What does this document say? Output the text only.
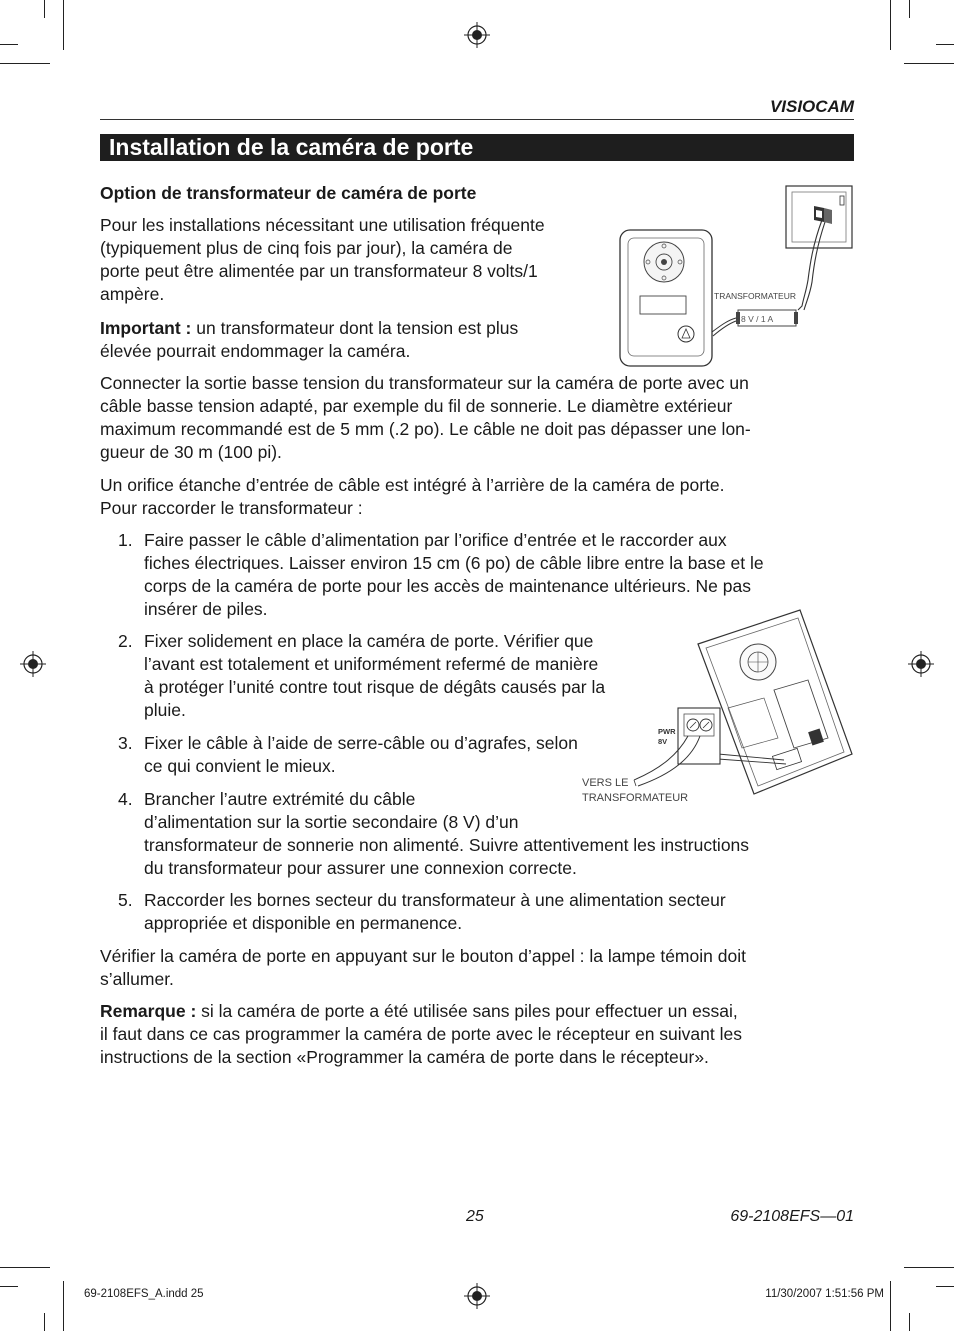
VISIOCAM
Installation de la caméra de porte
Option de transformateur de caméra de porte

Pour les installations nécessitant une utilisation fréquente

(typiquement plus de cinq fois par jour), la caméra de

porte peut être alimentée par un transformateur 8 volts/1

ampère.

Important : un transformateur dont la tension est plus

élevée pourrait endommager la caméra.

8 V / 1 A
TRANSFORMATEUR

Connecter la sortie basse tension du transformateur sur la caméra de porte avec un

câble basse tension adapté, par exemple du fil de sonnerie. Le diamètre extérieur

maximum recommandé est de 5 mm (.2 po). Le câble ne doit pas dépasser une lon-

gueur de 30 m (100 pi).

Un orifice étanche d’entrée de câble est intégré à l’arrière de la caméra de porte.

Pour raccorder le transformateur :

1. Faire passer le câble d’alimentation par l’orifice d’entrée et le raccorder aux

fiches électriques. Laisser environ 15 cm (6 po) de câble libre entre la base et le

corps de la caméra de porte pour les accès de maintenance ultérieurs. Ne pas

insérer de piles.

2. Fixer solidement en place la caméra de porte. Vérifier que

l’avant est totalement et uniformément refermé de manière

à protéger l’unité contre tout risque de dégâts causés par la

pluie.

3. Fixer le câble à l’aide de serre-câble ou d’agrafes, selon

ce qui convient le mieux.

4. Brancher l’autre extrémité du câble

d’alimentation sur la sortie secondaire (8 V) d’un

transformateur de sonnerie non alimenté. Suivre attentivement les instructions

du transformateur pour assurer une connexion correcte.

PWR
8V
VERS LE
TRANSFORMATEUR
5. Raccorder les bornes secteur du transformateur à une alimentation secteur

appropriée et disponible en permanence.

Vérifier la caméra de porte en appuyant sur le bouton d’appel : la lampe témoin doit

s’allumer.

Remarque : si la caméra de porte a été utilisée sans piles pour effectuer un essai,

il faut dans ce cas programmer la caméra de porte avec le récepteur en suivant les

instructions de la section «Programmer la caméra de porte dans le récepteur».

25	69-2108EFS—01
69-2108EFS_A.indd 25	11/30/2007 1:51:56 PM
